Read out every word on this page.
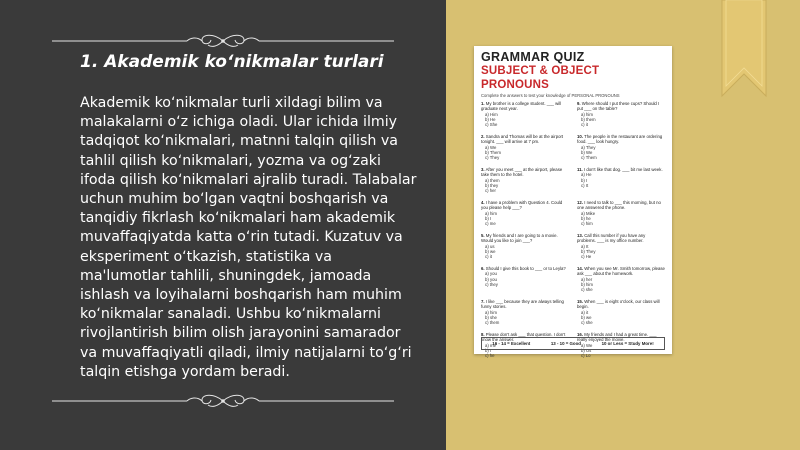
1. Akademik ko‘nikmalar turlari
Akademik ko‘nikmalar turli xildagi bilim va malakalarni o‘z ichiga oladi. Ular ichida ilmiy tadqiqot ko‘nikmalari, matnni talqin qilish va tahlil qilish ko‘nikmalari, yozma va og‘zaki ifoda qilish ko‘nikmalari ajralib turadi. Talabalar uchun muhim bo‘lgan vaqtni boshqarish va tanqidiy fikrlash ko‘nikmalari ham akademik muvaffaqiyatda katta o‘rin tutadi. Kuzatuv va eksperiment o‘tkazish, statistika va ma'lumotlar tahlili, shuningdek, jamoada ishlash va loyihalarni boshqarish ham muhim ko‘nikmalar sanaladi. Ushbu ko‘nikmalarni rivojlantirish bilim olish jarayonini samarador va muvaffaqiyatli qiladi, ilmiy natijalarni to‘g‘ri talqin etishga yordam beradi.
GRAMMAR QUIZ
SUBJECT & OBJECT PRONOUNS
Complete the answers to test your knowledge of PERSONAL PRONOUNS
1. My brother is a college student. ___ will graduate next year.
a) Him
b) He
c) She
9. Where should I put these cups? Should I put ___ on the table?
a) him
b) them
c) it
2. Sandra and Thomas will be at the airport tonight. ___ will arrive at 7 pm.
a) We
b) Them
c) They
10. The people in the restaurant are ordering food. ___ look hungry.
a) They
b) We
c) Them
3. After you meet ___ at the airport, please take them to the hotel.
a) them
b) they
c) her
11. I don't like that dog. ___ bit me last week.
a) He
b) I
c) It
4. I have a problem with Question 4. Could you please help ___?
a) him
b) I
c) me
12. I need to talk to ___ this morning, but no one answered the phone.
a) Mike
b) he
c) him
5. My friends and I are going to a movie. Would you like to join ___?
a) us
b) we
c) it
13. Call this number if you have any problems. ___ is my office number.
a) It
b) They
c) He
6. Should I give this book to ___ or to Leyla?
a) you
b) you
c) they
14. When you see Mr. Smith tomorrow, please ask ___ about the homework.
a) her
b) him
c) she
7. I like ___ because they are always telling funny stories.
a) him
b) she
c) them
15. When ___ is eight o'clock, our class will begin.
a) it
b) we
c) she
8. Please don't ask ___ that question. I don't know the answer.
a) me
b) I
c) he
16. My friends and I had a great time. ___ really enjoyed the movie.
a) We
b) Us
c) Lo
16 - 14 = Excellent	13 - 10 = Good	10 or Less = Study More!
